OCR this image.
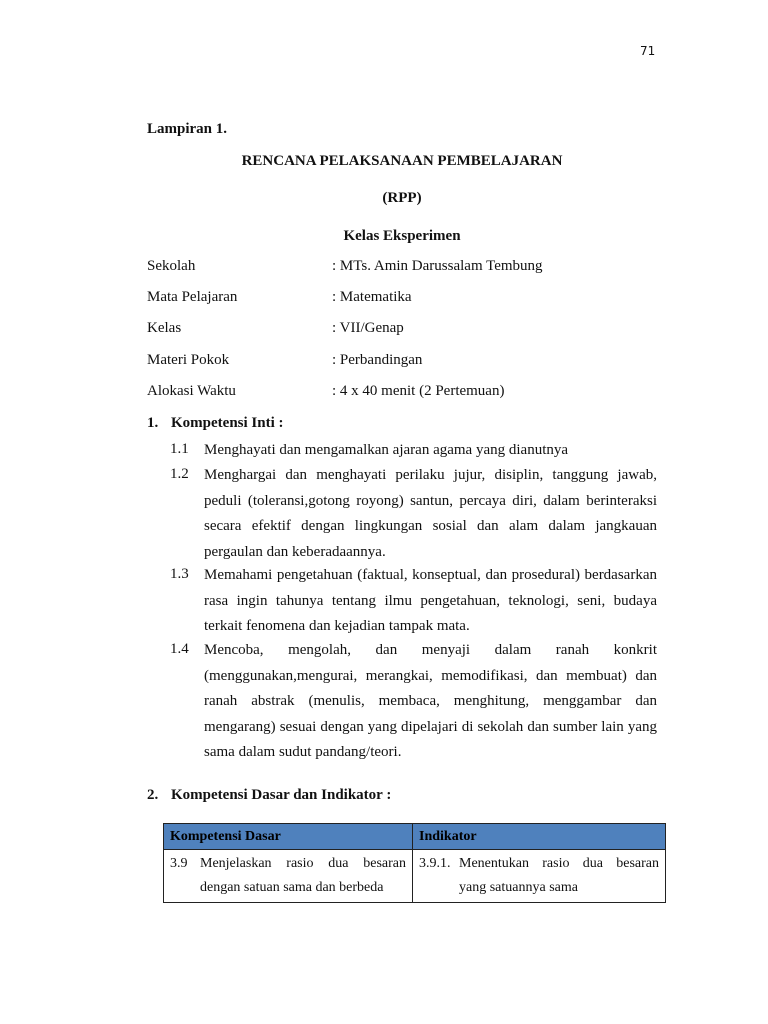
71
Lampiran 1.
RENCANA PELAKSANAAN PEMBELAJARAN
(RPP)
Kelas Eksperimen
Sekolah	: MTs. Amin Darussalam Tembung
Mata Pelajaran	: Matematika
Kelas	: VII/Genap
Materi Pokok	: Perbandingan
Alokasi Waktu	: 4 x 40 menit (2 Pertemuan)
1. Kompetensi Inti :
1.1 Menghayati dan mengamalkan ajaran agama yang dianutnya
1.2 Menghargai dan menghayati perilaku jujur, disiplin, tanggung jawab, peduli (toleransi,gotong royong) santun, percaya diri, dalam berinteraksi secara efektif dengan lingkungan sosial dan alam dalam jangkauan pergaulan dan keberadaannya.
1.3 Memahami pengetahuan (faktual, konseptual, dan prosedural) berdasarkan rasa ingin tahunya tentang ilmu pengetahuan, teknologi, seni, budaya terkait fenomena dan kejadian tampak mata.
1.4 Mencoba, mengolah, dan menyaji dalam ranah konkrit (menggunakan,mengurai, merangkai, memodifikasi, dan membuat) dan ranah abstrak (menulis, membaca, menghitung, menggambar dan mengarang) sesuai dengan yang dipelajari di sekolah dan sumber lain yang sama dalam sudut pandang/teori.
2. Kompetensi Dasar dan Indikator :
Kompetensi Dasar	Indikator

3.9 Menjelaskan rasio dua besaran dengan satuan sama dan berbeda	3.9.1. Menentukan rasio dua besaran yang satuannya sama
